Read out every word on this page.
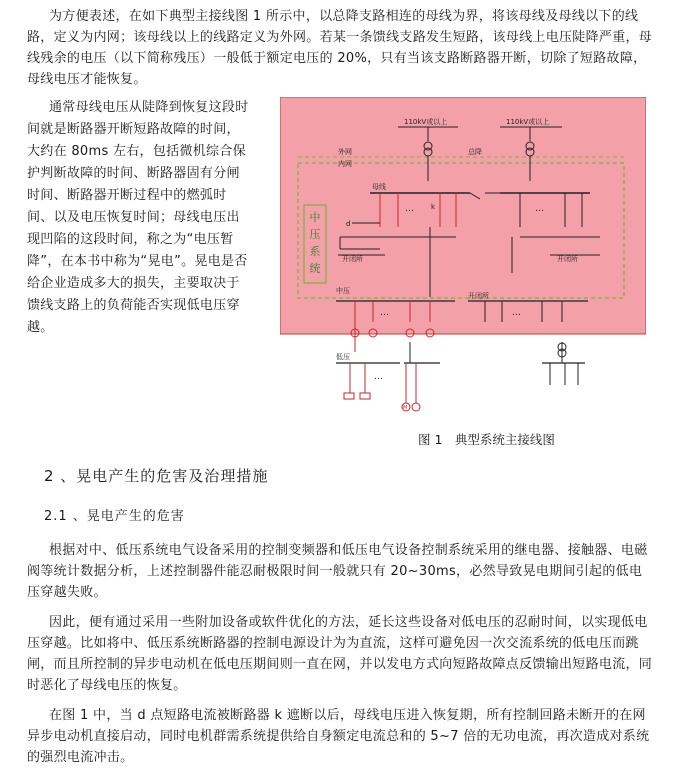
为方便表述，在如下典型主接线图 1 所示中，以总降支路相连的母线为界，将该母线及母线以下的线路，定义为内网；该母线以上的线路定义为外网。若某一条馈线支路发生短路，该母线上电压陡降严重，母线残余的电压（以下简称残压）一般低于额定电压的 20%，只有当该支路断路器开断，切除了短路故障，母线电压才能恢复。
通常母线电压从陡降到恢复这段时间就是断路器开断短路故障的时间，大约在 80ms 左右，包括微机综合保护判断故障的时间、断路器固有分闸时间、断路器开断过程中的燃弧时间、以及电压恢复时间；母线电压出现凹陷的这段时间，称之为“电压暂降”，在本书中称为“晃电”。晃电是否给企业造成多大的损失，主要取决于馈线支路上的负荷能否实现低电压穿越。
中
压
系
统
110kV或以上	110kV或以上
外网
内网
总降
母线
… k	…
d
开闭所	开闭所
开闭所
中压
…	…
低压
…
M
图 1　典型系统主接线图
2 、晃电产生的危害及治理措施
2.1 、晃电产生的危害
根据对中、低压系统电气设备采用的控制变频器和低压电气设备控制系统采用的继电器、接触器、电磁阀等统计数据分析，上述控制器件能忍耐极限时间一般就只有 20~30ms，必然导致晃电期间引起的低电压穿越失败。
因此，便有通过采用一些附加设备或软件优化的方法，延长这些设备对低电压的忍耐时间，以实现低电压穿越。比如将中、低压系统断路器的控制电源设计为为直流，这样可避免因一次交流系统的低电压而跳闸，而且所控制的异步电动机在低电压期间则一直在网，并以发电方式向短路故障点反馈输出短路电流，同时恶化了母线电压的恢复。
在图 1 中，当 d 点短路电流被断路器 k 遮断以后，母线电压进入恢复期，所有控制回路未断开的在网异步电动机直接启动，同时电机群需系统提供给自身额定电流总和的 5~7 倍的无功电流，再次造成对系统的强烈电流冲击。
